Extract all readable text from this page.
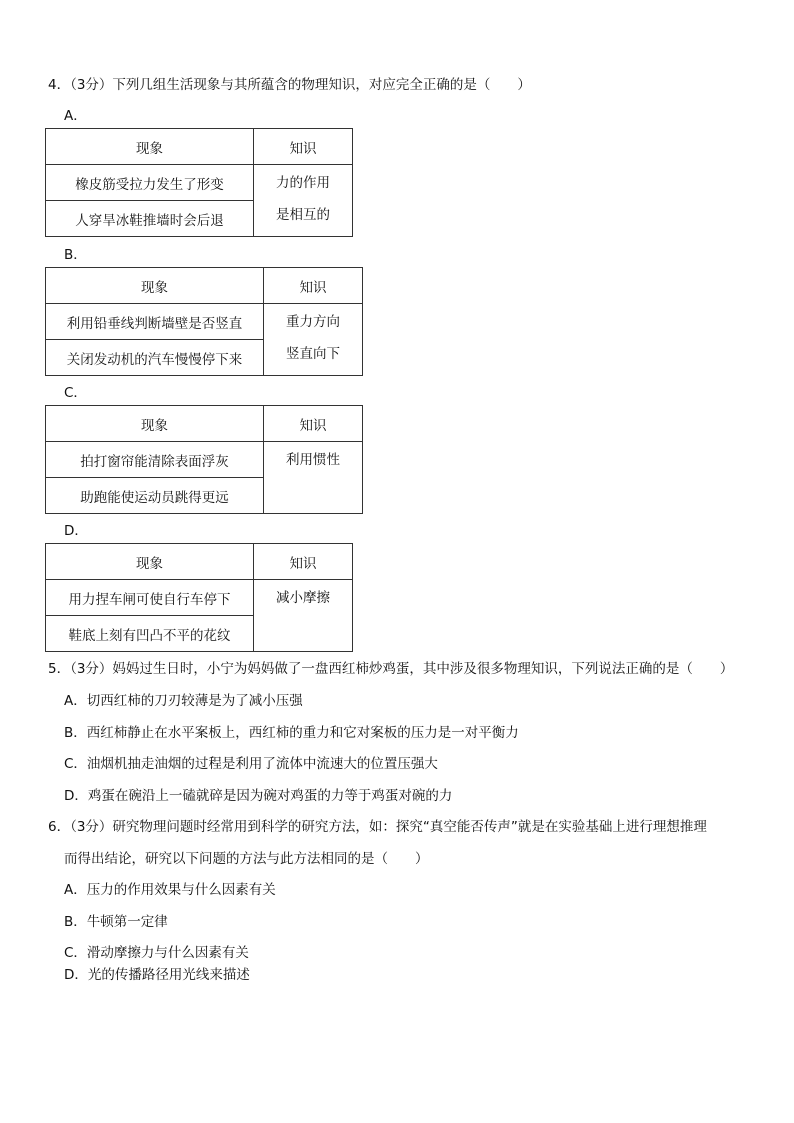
4．（3分）下列几组生活现象与其所蕴含的物理知识，对应完全正确的是（　　）
A．
现象	知识
橡皮筋受拉力发生了形变	力的作用
是相互的

人穿旱冰鞋推墙时会后退	
B．
现象	知识
利用铅垂线判断墙壁是否竖直	重力方向
竖直向下

关闭发动机的汽车慢慢停下来	
C．
现象	知识
拍打窗帘能清除表面浮灰	利用惯性

助跑能使运动员跳得更远	
D．
现象	知识
用力捏车闸可使自行车停下	减小摩擦

鞋底上刻有凹凸不平的花纹	
5．（3分）妈妈过生日时，小宁为妈妈做了一盘西红柿炒鸡蛋，其中涉及很多物理知识，下列说法正确的是（　　）
A．切西红柿的刀刃较薄是为了减小压强
B．西红柿静止在水平案板上，西红柿的重力和它对案板的压力是一对平衡力
C．油烟机抽走油烟的过程是利用了流体中流速大的位置压强大
D．鸡蛋在碗沿上一磕就碎是因为碗对鸡蛋的力等于鸡蛋对碗的力
6．（3分）研究物理问题时经常用到科学的研究方法，如：探究“真空能否传声”就是在实验基础上进行理想推理
而得出结论，研究以下问题的方法与此方法相同的是（　　）
A．压力的作用效果与什么因素有关
B．牛顿第一定律
C．滑动摩擦力与什么因素有关
D．光的传播路径用光线来描述
